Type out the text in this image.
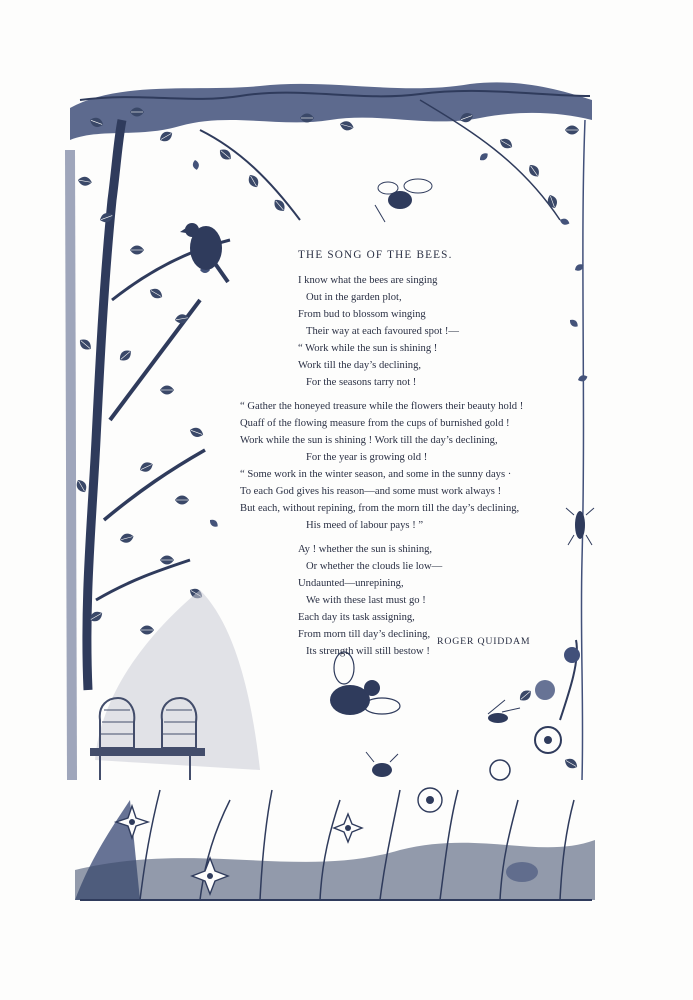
THE SONG OF THE BEES.
I know what the bees are singing
Out in the garden plot,
From bud to blossom winging
Their way at each favoured spot !—
“ Work while the sun is shining !
Work till the day’s declining,
For the seasons tarry not !
“ Gather the honeyed treasure while the flowers their beauty hold !
Quaff of the flowing measure from the cups of burnished gold !
Work while the sun is shining ! Work till the day’s declining,
For the year is growing old !
“ Some work in the winter season, and some in the sunny days ·
To each God gives his reason—and some must work always !
But each, without repining, from the morn till the day’s declining,
His meed of labour pays ! ”
Ay ! whether the sun is shining,
Or whether the clouds lie low—
Undaunted—unrepining,
We with these last must go !
Each day its task assigning,
From morn till day’s declining,
Its strength will still bestow !
ROGER QUIDDAM
